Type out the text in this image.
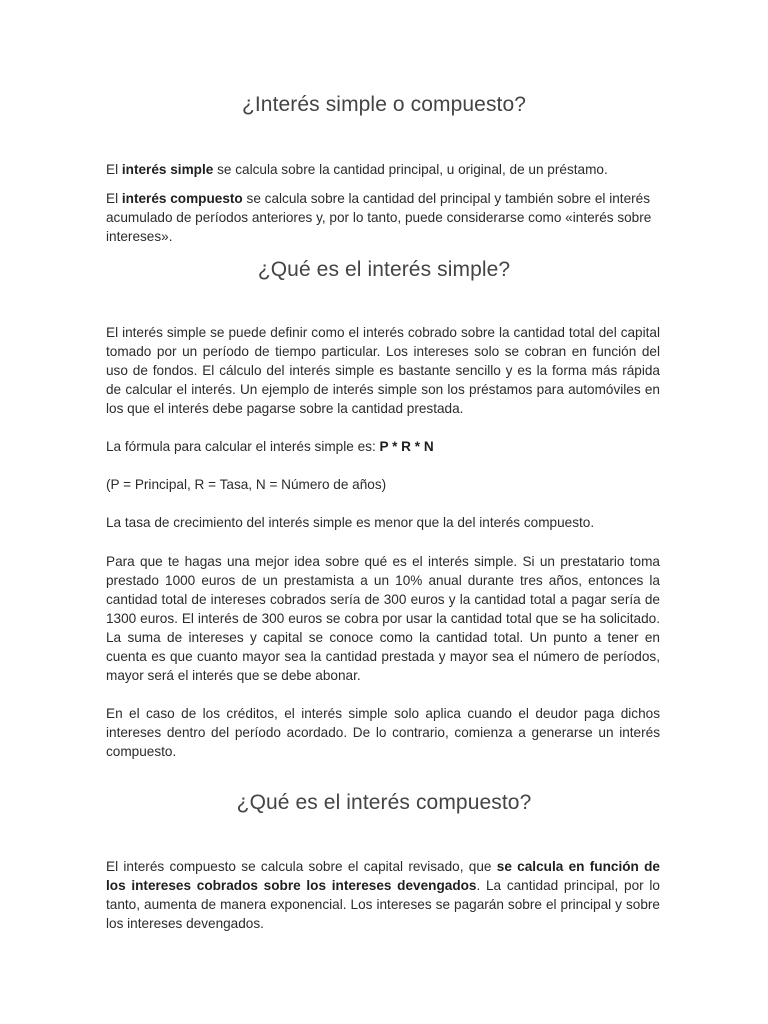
¿Interés simple o compuesto?

El interés simple se calcula sobre la cantidad principal, u original, de un préstamo.

El interés compuesto se calcula sobre la cantidad del principal y también sobre el interés acumulado de períodos anteriores y, por lo tanto, puede considerarse como «interés sobre intereses».

¿Qué es el interés simple?

El interés simple se puede definir como el interés cobrado sobre la cantidad total del capital tomado por un período de tiempo particular. Los intereses solo se cobran en función del uso de fondos. El cálculo del interés simple es bastante sencillo y es la forma más rápida de calcular el interés. Un ejemplo de interés simple son los préstamos para automóviles en los que el interés debe pagarse sobre la cantidad prestada.

La fórmula para calcular el interés simple es: P * R * N

(P = Principal, R = Tasa, N = Número de años)

La tasa de crecimiento del interés simple es menor que la del interés compuesto.

Para que te hagas una mejor idea sobre qué es el interés simple. Si un prestatario toma prestado 1000 euros de un prestamista a un 10% anual durante tres años, entonces la cantidad total de intereses cobrados sería de 300 euros y la cantidad total a pagar sería de 1300 euros. El interés de 300 euros se cobra por usar la cantidad total que se ha solicitado. La suma de intereses y capital se conoce como la cantidad total. Un punto a tener en cuenta es que cuanto mayor sea la cantidad prestada y mayor sea el número de períodos, mayor será el interés que se debe abonar.

En el caso de los créditos, el interés simple solo aplica cuando el deudor paga dichos intereses dentro del período acordado. De lo contrario, comienza a generarse un interés compuesto.

¿Qué es el interés compuesto?

El interés compuesto se calcula sobre el capital revisado, que se calcula en función de los intereses cobrados sobre los intereses devengados. La cantidad principal, por lo tanto, aumenta de manera exponencial. Los intereses se pagarán sobre el principal y sobre los intereses devengados.
